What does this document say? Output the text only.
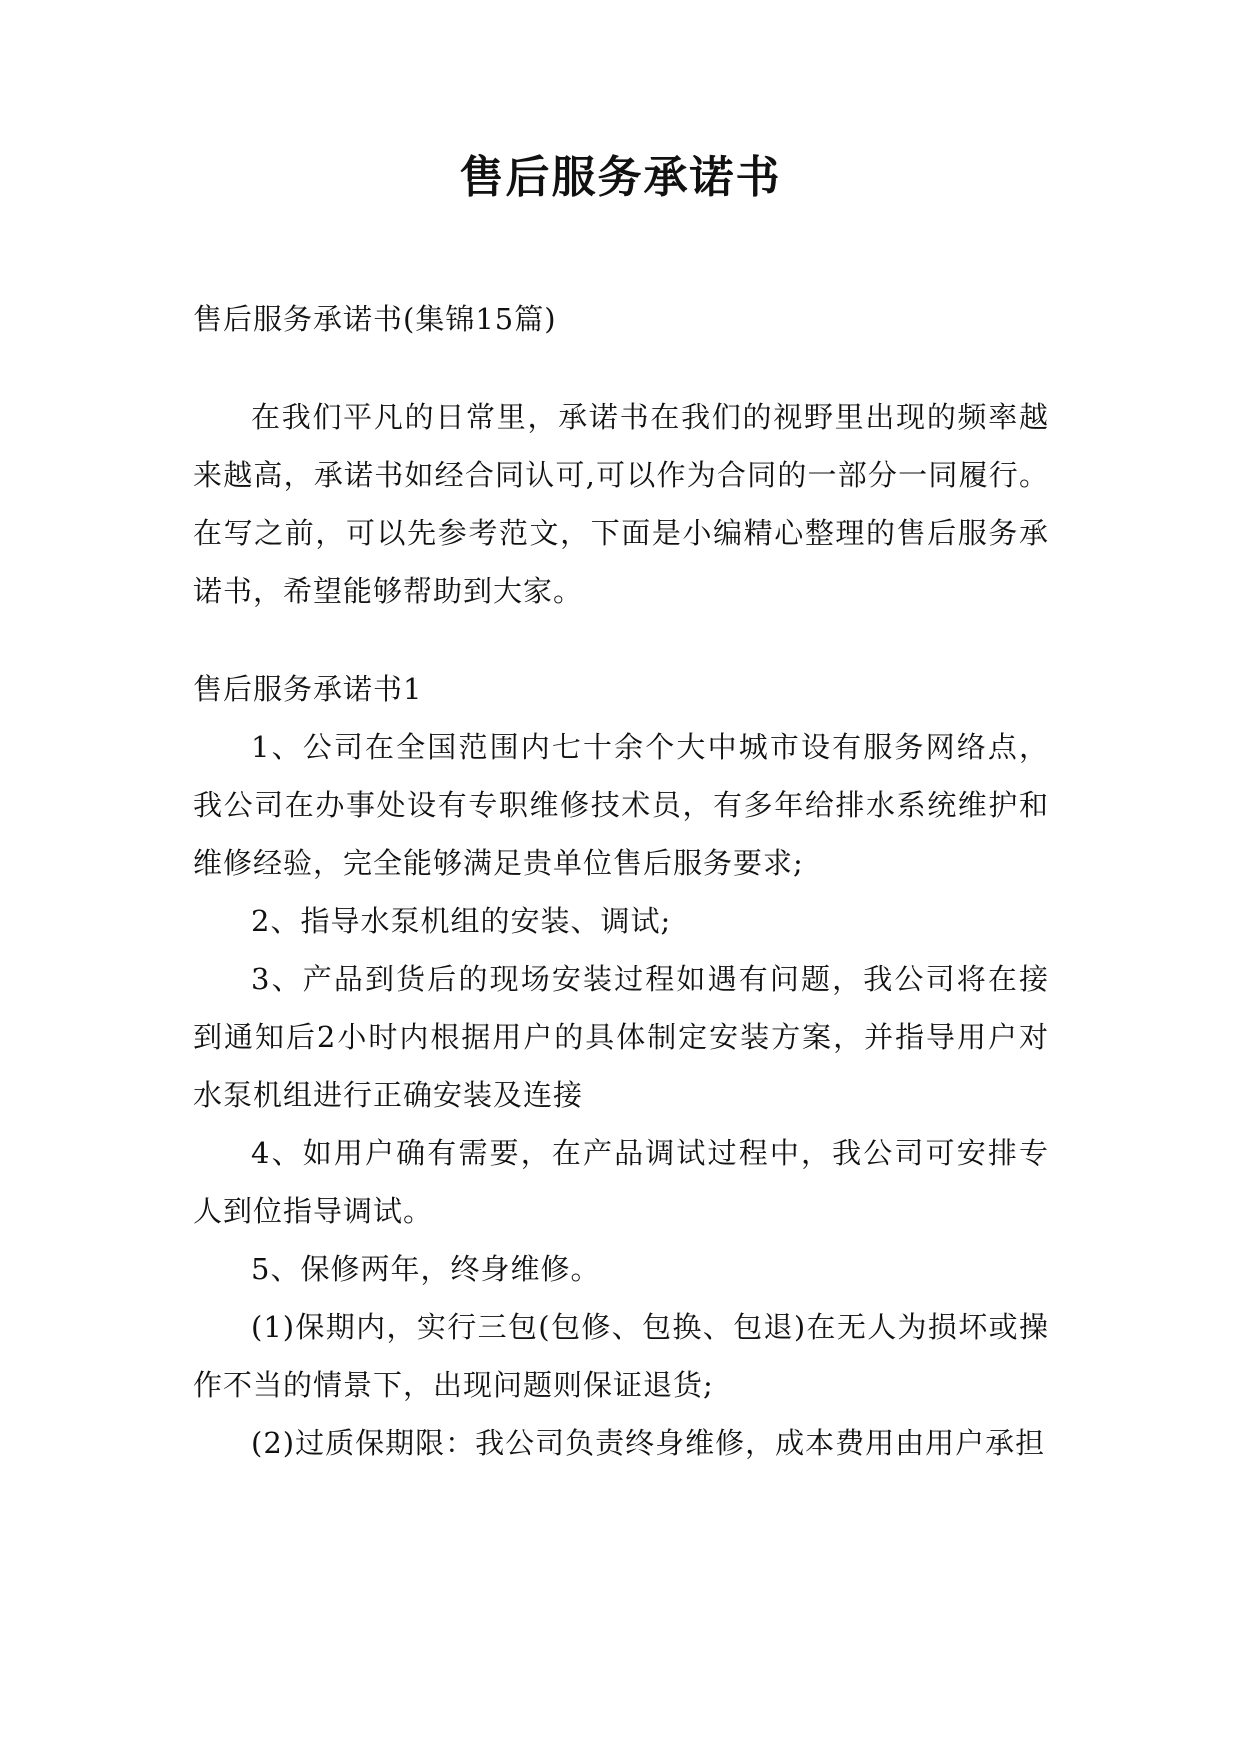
售后服务承诺书

售后服务承诺书(集锦15篇)

在我们平凡的日常里，承诺书在我们的视野里出现的频率越来越高，承诺书如经合同认可,可以作为合同的一部分一同履行。在写之前，可以先参考范文，下面是小编精心整理的售后服务承诺书，希望能够帮助到大家。

售后服务承诺书1

1、公司在全国范围内七十余个大中城市设有服务网络点，我公司在办事处设有专职维修技术员，有多年给排水系统维护和维修经验，完全能够满足贵单位售后服务要求;

2、指导水泵机组的安装、调试;

3、产品到货后的现场安装过程如遇有问题，我公司将在接到通知后2小时内根据用户的具体制定安装方案，并指导用户对水泵机组进行正确安装及连接

4、如用户确有需要，在产品调试过程中，我公司可安排专人到位指导调试。

5、保修两年，终身维修。

(1)保期内，实行三包(包修、包换、包退)在无人为损坏或操作不当的情景下，出现问题则保证退货;

(2)过质保期限：我公司负责终身维修，成本费用由用户承担
